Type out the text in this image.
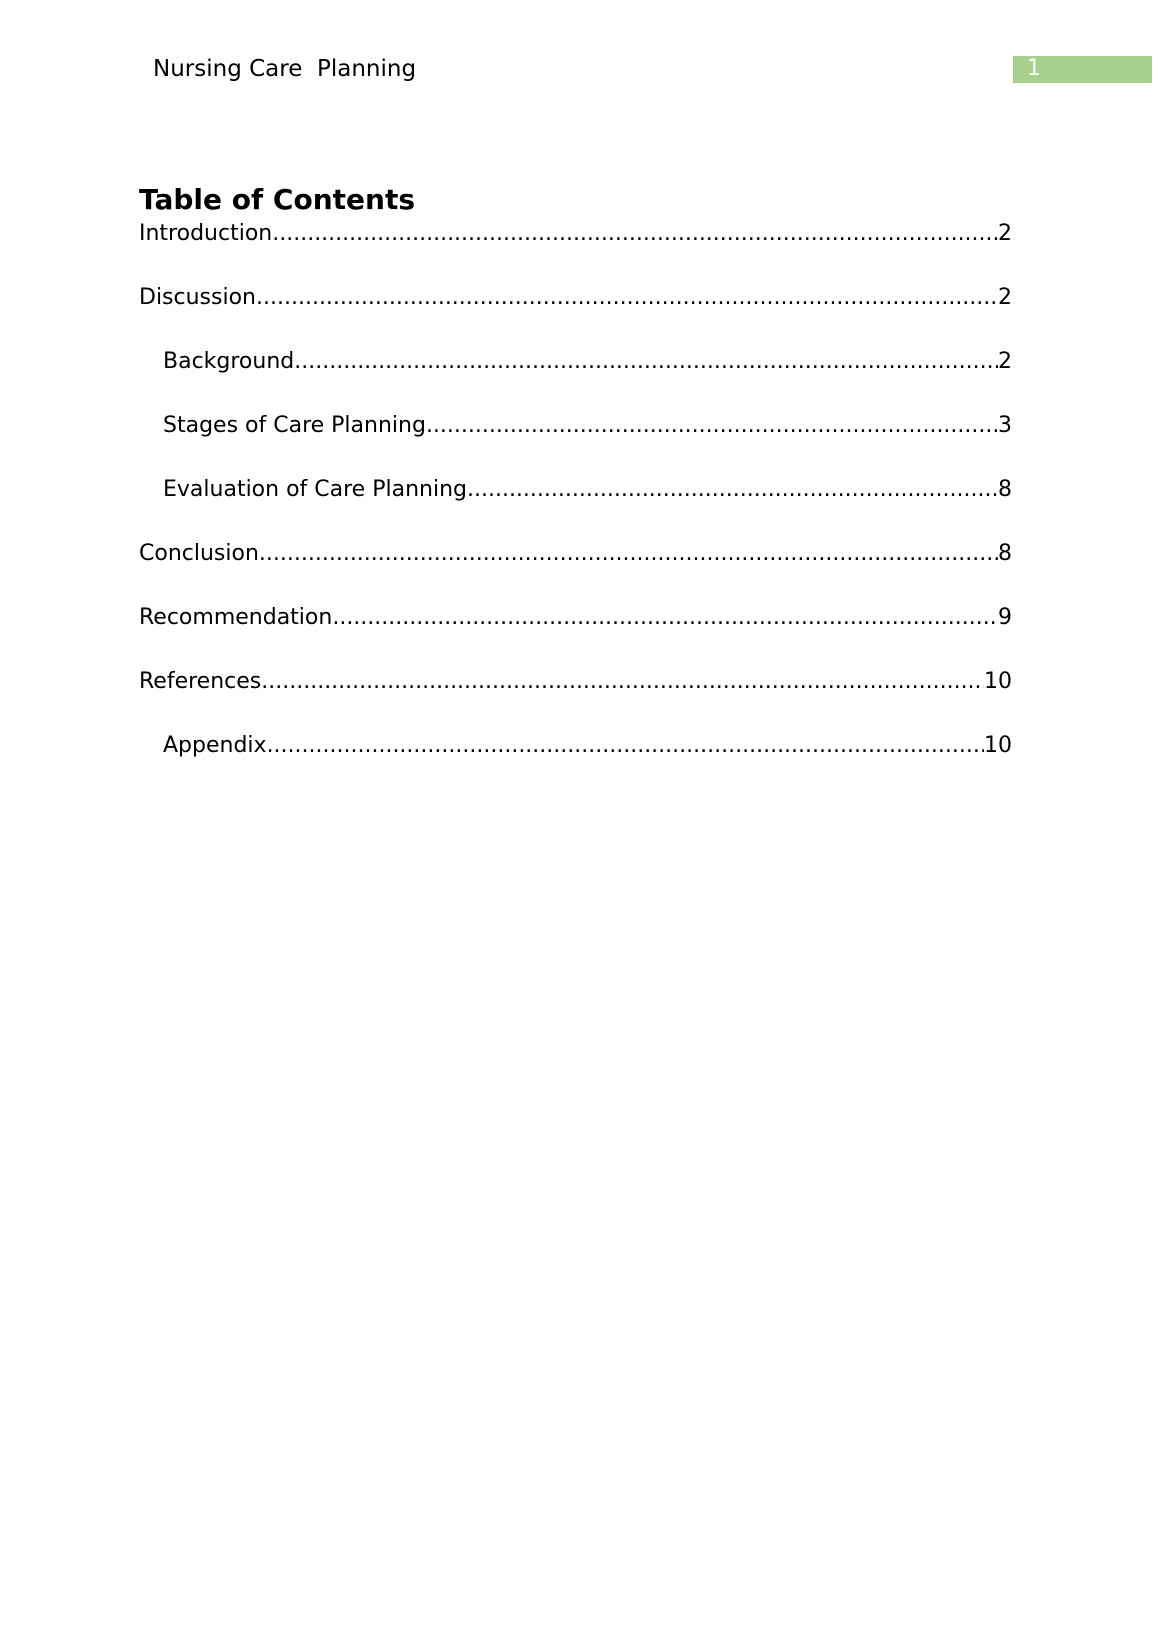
Nursing Care  Planning	1
Table of Contents
Introduction .....	2
Discussion .....	2
Background .....	2
Stages of Care Planning .....	3
Evaluation of Care Planning .....	8
Conclusion .....	8
Recommendation .....	9
References .....	10
Appendix .....	10
